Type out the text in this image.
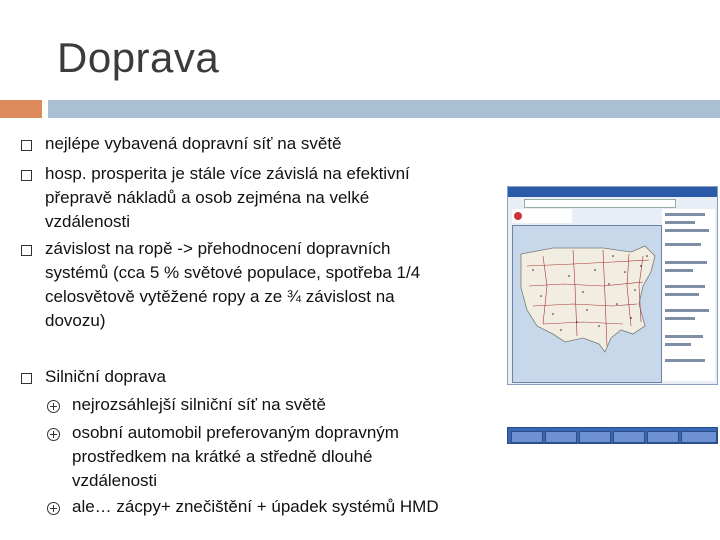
Doprava
nejlépe vybavená dopravní síť na světě
hosp. prosperita je stále více závislá na efektivní
přepravě nákladů a osob zejména na velké
vzdálenosti
závislost na ropě -> přehodnocení dopravních
systémů (cca 5 % světové populace, spotřeba 1/4
celosvětově vytěžené ropy a ze ¾ závislost na
dovozu)
Silniční doprava
nejrozsáhlejší silniční síť na světě
osobní automobil preferovaným dopravným
prostředkem na krátké a středně dlouhé
vzdálenosti
ale… zácpy+ znečištění + úpadek systémů HMD
